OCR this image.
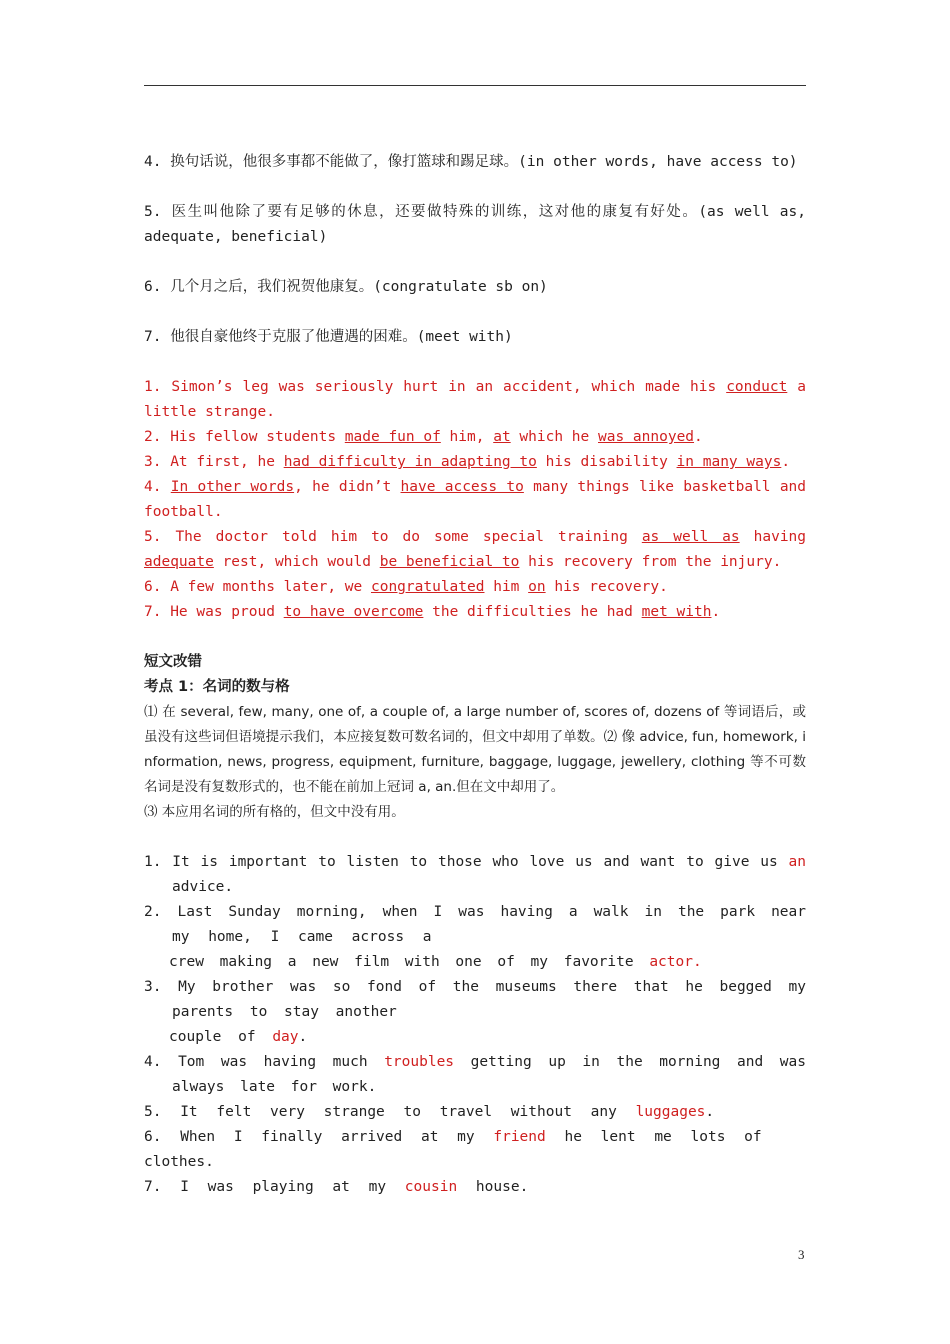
4. 换句话说，他很多事都不能做了，像打篮球和踢足球。(in other words, have access to)

5. 医生叫他除了要有足够的休息，还要做特殊的训练，这对他的康复有好处。(as well as, adequate, beneficial)

6. 几个月之后，我们祝贺他康复。(congratulate sb on)

7. 他很自豪他终于克服了他遭遇的困难。(meet with)

1. Simon’s leg was seriously hurt in an accident, which made his conduct a little strange.

2. His fellow students made fun of him, at which he was annoyed.

3. At first, he had difficulty in adapting to his disability in many ways.

4. In other words, he didn’t have access to many things like basketball and football.

5. The doctor told him to do some special training as well as having adequate rest, which would be beneficial to his recovery from the injury.

6. A few months later, we congratulated him on his recovery.

7. He was proud to have overcome the difficulties he had met with.

短文改错

考点 1：名词的数与格

⑴ 在 several, few, many, one of, a couple of, a large number of, scores of, dozens of 等词语后，或虽没有这些词但语境提示我们，本应接复数可数名词的，但文中却用了单数。⑵ 像 advice, fun, homework, information, news, progress, equipment, furniture, baggage, luggage, jewellery, clothing 等不可数名词是没有复数形式的，也不能在前加上冠词 a, an.但在文中却用了。

⑶ 本应用名词的所有格的，但文中没有用。

1. It is important to listen to those who love us and want to give us an

advice.

2. Last Sunday morning, when I was having a walk in the park near

my home, I came across a

crew making a new film with one of my favorite actor.

3. My brother was so fond of the museums there that he begged my

parents to stay another

couple of day.

4. Tom was having much troubles getting up in the morning and was

always late for work.

5. It felt very strange to travel without any luggages.

6. When I finally arrived at my friend he lent me lots of clothes.

7. I was playing at my cousin house.

3
